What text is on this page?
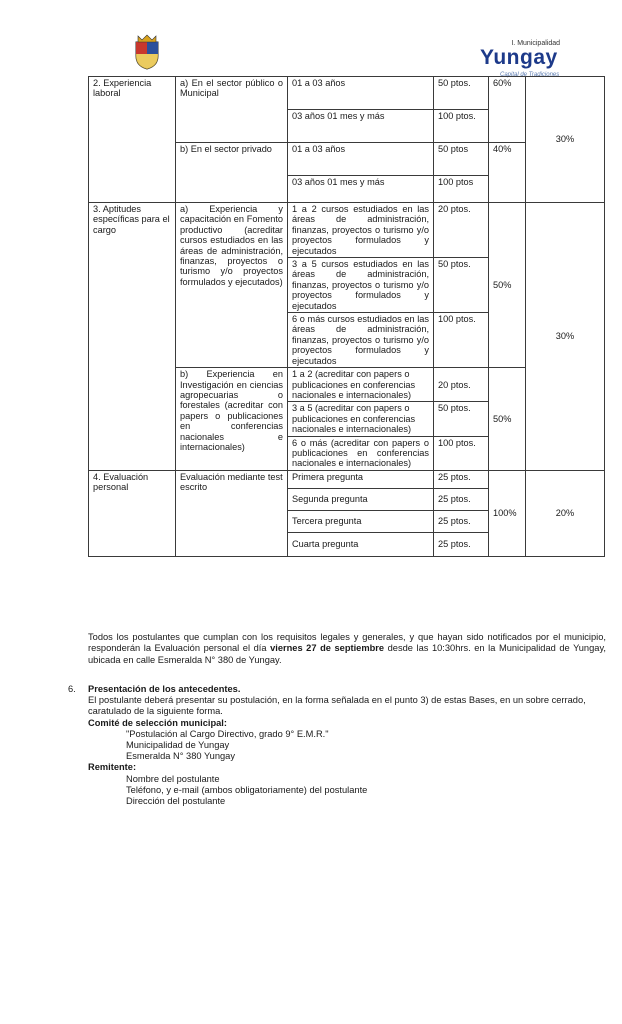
I. Municipalidad
Yungay
Capital de Tradiciones
2. Experiencia laboral	a) En el sector público o Municipal	01 a 03 años	50 ptos.	60%	30%
		03 años 01 mes y más	100 ptos.		
	b) En el sector privado	01 a 03 años	50 ptos	40%	
		03 años 01 mes y más	100 ptos		
3. Aptitudes específicas para el cargo	a) Experiencia y capacitación en Fomento productivo (acreditar cursos estudiados en las áreas de administración, finanzas, proyectos o turismo y/o proyectos formulados y ejecutados)	1 a 2 cursos estudiados en las áreas de administración, finanzas, proyectos o turismo y/o proyectos formulados y ejecutados	20 ptos.	50%	30%
		3 a 5 cursos estudiados en las áreas de administración, finanzas, proyectos o turismo y/o proyectos formulados y ejecutados	50 ptos.		
		6 o más cursos estudiados en las áreas de administración, finanzas, proyectos o turismo y/o proyectos formulados y ejecutados	100 ptos.		
	b) Experiencia en Investigación en ciencias agropecuarias o forestales (acreditar con papers o publicaciones en conferencias nacionales e internacionales)	1 a 2 (acreditar con papers o publicaciones en conferencias nacionales e internacionales)	20 ptos.	50%	
		3 a 5 (acreditar con papers o publicaciones en conferencias nacionales e internacionales)	50 ptos.		
		6 o más (acreditar con papers o publicaciones en conferencias nacionales e internacionales)	100 ptos.		
4. Evaluación personal	Evaluación mediante test escrito	Primera pregunta	25 ptos.	100%	20%
		Segunda pregunta	25 ptos.		
		Tercera pregunta	25 ptos.		
		Cuarta pregunta	25 ptos.		
Todos los postulantes que cumplan con los requisitos legales y generales, y que hayan sido notificados por el municipio, responderán la Evaluación personal el día viernes 27 de septiembre desde las 10:30hrs. en la Municipalidad de Yungay, ubicada en calle Esmeralda N° 380 de Yungay.
6. Presentación de los antecedentes.
El postulante deberá presentar su postulación, en la forma señalada en el punto 3) de estas Bases, en un sobre cerrado, caratulado de la siguiente forma.
Comité de selección municipal:
"Postulación al Cargo Directivo, grado 9° E.M.R."
Municipalidad de Yungay
Esmeralda N° 380 Yungay
Remitente:
Nombre del postulante
Teléfono, y e-mail (ambos obligatoriamente) del postulante
Dirección del postulante
